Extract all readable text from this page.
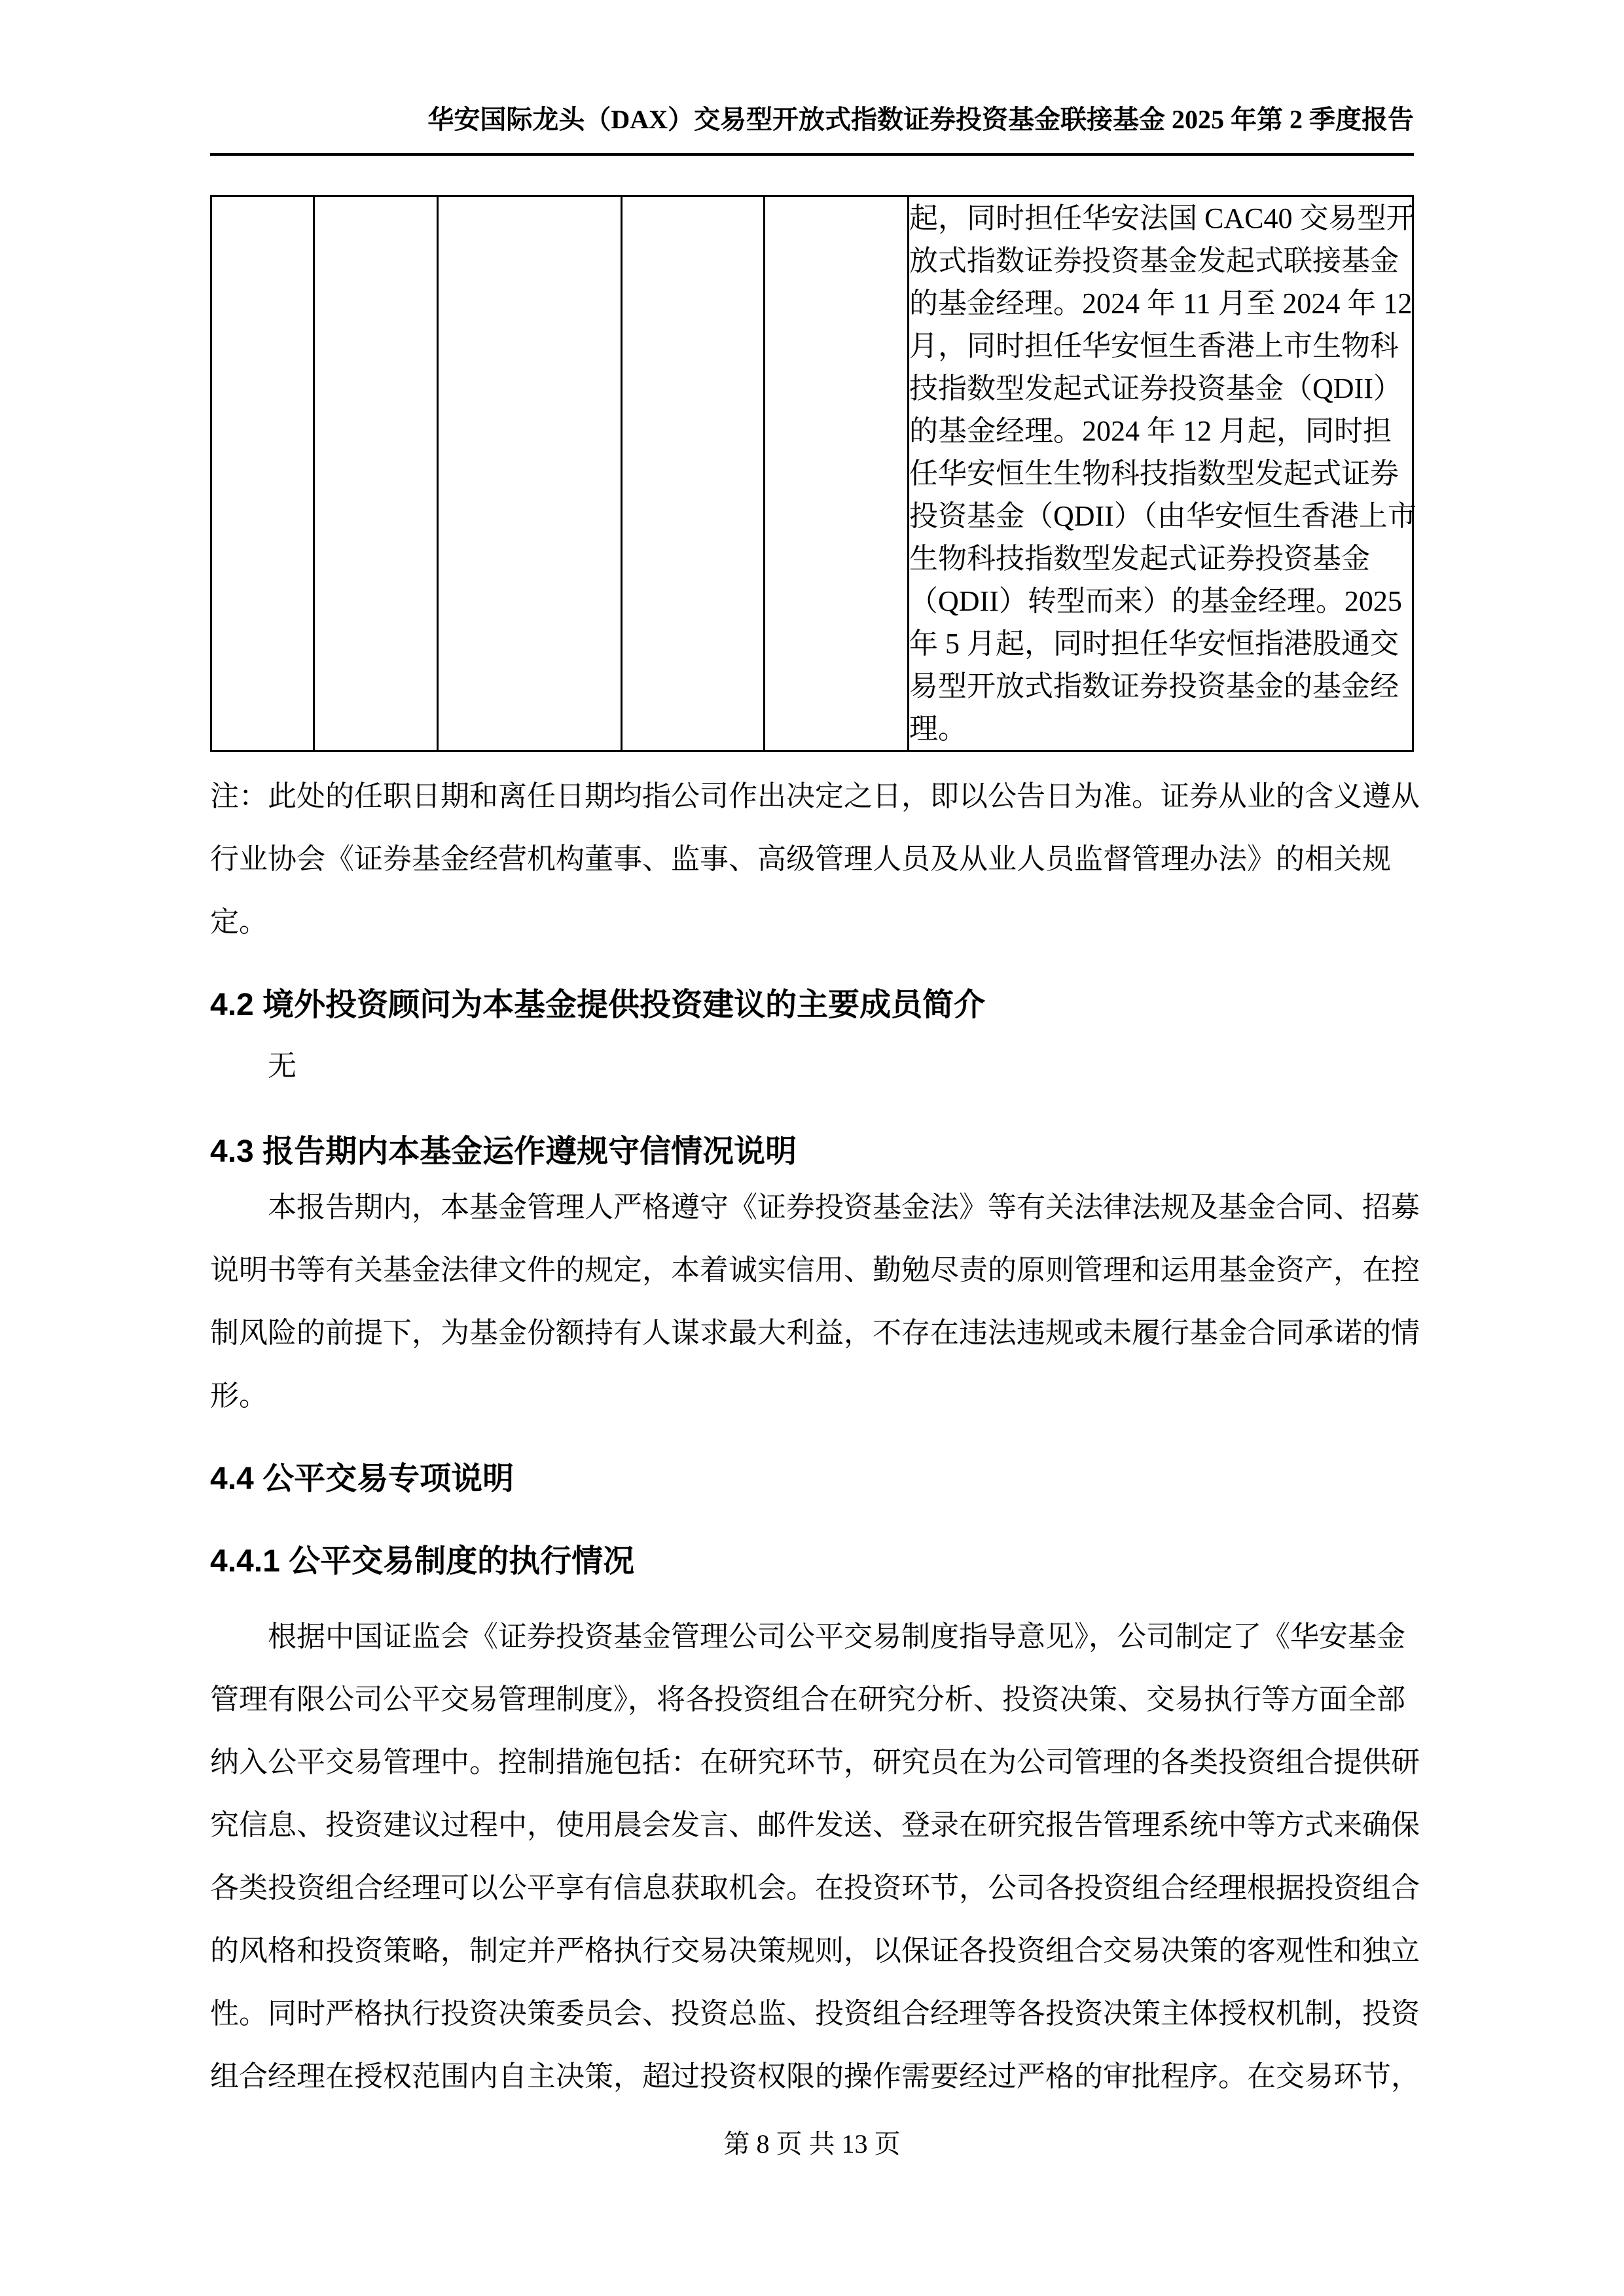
华安国际龙头（DAX）交易型开放式指数证券投资基金联接基金 2025 年第 2 季度报告

起，同时担任华安法国 CAC40 交易型开
放式指数证券投资基金发起式联接基金
的基金经理。2024 年 11 月至 2024 年 12
月，同时担任华安恒生香港上市生物科
技指数型发起式证券投资基金（QDII）
的基金经理。2024 年 12 月起，同时担
任华安恒生生物科技指数型发起式证券
投资基金（QDII）（由华安恒生香港上市
生物科技指数型发起式证券投资基金
（QDII）转型而来）的基金经理。2025
年 5 月起，同时担任华安恒指港股通交
易型开放式指数证券投资基金的基金经
理。
注：此处的任职日期和离任日期均指公司作出决定之日，即以公告日为准。证券从业的含义遵从
行业协会《证券基金经营机构董事、监事、高级管理人员及从业人员监督管理办法》的相关规
定。
4.2 境外投资顾问为本基金提供投资建议的主要成员简介
无
4.3 报告期内本基金运作遵规守信情况说明
本报告期内，本基金管理人严格遵守《证券投资基金法》等有关法律法规及基金合同、招募
说明书等有关基金法律文件的规定，本着诚实信用、勤勉尽责的原则管理和运用基金资产，在控
制风险的前提下，为基金份额持有人谋求最大利益，不存在违法违规或未履行基金合同承诺的情
形。
4.4 公平交易专项说明
4.4.1 公平交易制度的执行情况
根据中国证监会《证券投资基金管理公司公平交易制度指导意见》，公司制定了《华安基金
管理有限公司公平交易管理制度》，将各投资组合在研究分析、投资决策、交易执行等方面全部
纳入公平交易管理中。控制措施包括：在研究环节，研究员在为公司管理的各类投资组合提供研
究信息、投资建议过程中，使用晨会发言、邮件发送、登录在研究报告管理系统中等方式来确保
各类投资组合经理可以公平享有信息获取机会。在投资环节，公司各投资组合经理根据投资组合
的风格和投资策略，制定并严格执行交易决策规则，以保证各投资组合交易决策的客观性和独立
性。同时严格执行投资决策委员会、投资总监、投资组合经理等各投资决策主体授权机制，投资
组合经理在授权范围内自主决策，超过投资权限的操作需要经过严格的审批程序。在交易环节，
第 8 页 共 13 页
